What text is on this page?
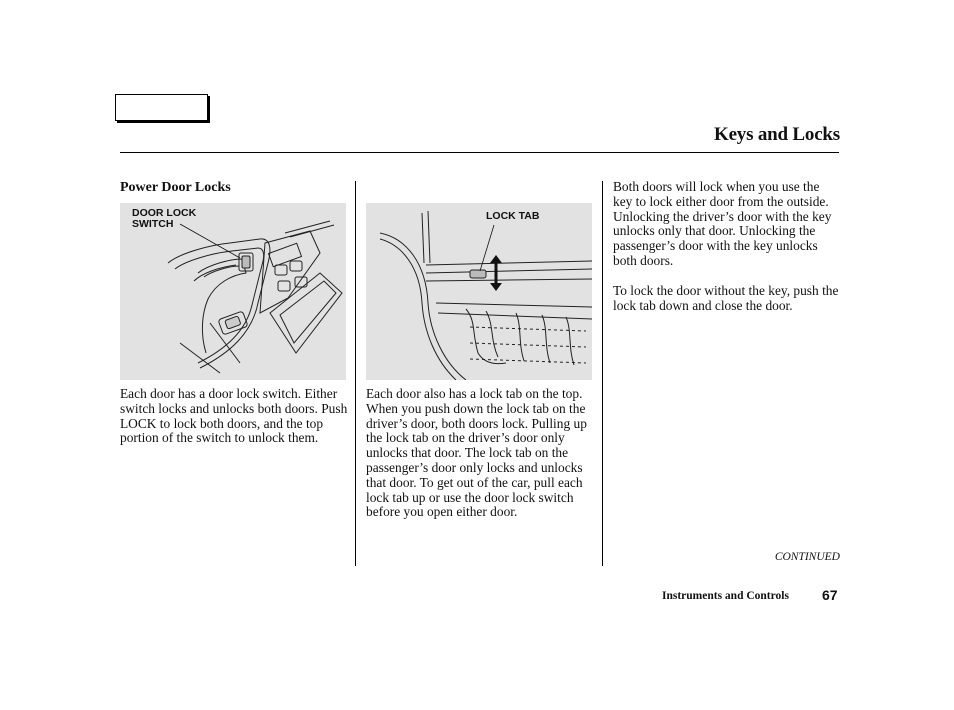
Keys and Locks
Power Door Locks
DOOR LOCK
SWITCH
LOCK TAB

Each door has a door lock switch. Either switch locks and unlocks both doors. Push LOCK to lock both doors, and the top portion of the switch to unlock them.

Each door also has a lock tab on the top. When you push down the lock tab on the driver’s door, both doors lock. Pulling up the lock tab on the driver’s door only unlocks that door. The lock tab on the passenger’s door only locks and unlocks that door. To get out of the car, pull each lock tab up or use the door lock switch before you open either door.

Both doors will lock when you use the key to lock either door from the outside. Unlocking the driver’s door with the key unlocks only that door. Unlocking the passenger’s door with the key unlocks both doors.

To lock the door without the key, push the lock tab down and close the door.

CONTINUED
Instruments and Controls 67
